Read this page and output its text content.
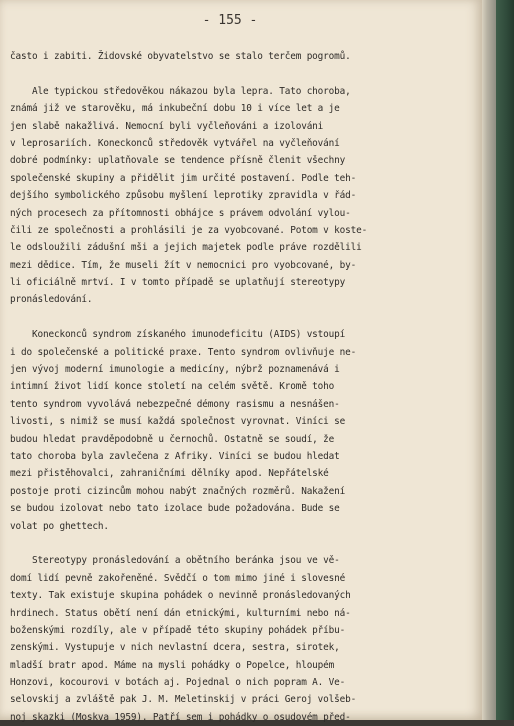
- 155 -
často i zabiti. Židovské obyvatelstvo se stalo terčem pogromů.
Ale typickou středověkou nákazou byla lepra. Tato choroba,
známá již ve starověku, má inkubeční dobu 10 i více let a je
jen slabě nakažlivá. Nemocní byli vyčleňováni a izolováni
v leprosariích. Koneckonců středověk vytvářel na vyčleňování
dobré podmínky: uplatňovale se tendence přísně členit všechny
společenské skupiny a přidělit jim určité postavení. Podle teh-
dejšího symbolického způsobu myšlení leprotiky zpravidla v řád-
ných procesech za přítomnosti obhájce s právem odvolání vylou-
čili ze společnosti a prohlásili je za vyobcované. Potom v koste-
le odsloužili zádušní mši a jejich majetek podle práve rozdělili
mezi dědice. Tím, že museli žít v nemocnici pro vyobcované, by-
li oficiálně mrtví. I v tomto případě se uplatňují stereotypy
pronásledování.
Koneckonců syndrom získaného imunodeficitu (AIDS) vstoupí
i do společenské a politické praxe. Tento syndrom ovlivňuje ne-
jen vývoj moderní imunologie a medicíny, nýbrž poznamenává i
intimní život lidí konce století na celém světě. Kromě toho
tento syndrom vyvolává nebezpečné démony rasismu a nesnášen-
livosti, s nimiž se musí každá společnost vyrovnat. Viníci se
budou hledat pravděpodobně u černochů. Ostatně se soudí, že
tato choroba byla zavlečena z Afriky. Viníci se budou hledat
mezi přistěhovalci, zahraničními dělníky apod. Nepřátelské
postoje proti cizincům mohou nabýt značných rozměrů. Nakažení
se budou izolovat nebo tato izolace bude požadována. Bude se
volat po ghettech.
Stereotypy pronásledování a obětního beránka jsou ve vě-
domí lidí pevně zakořeněné. Svědčí o tom mimo jiné i slovesné
texty. Tak existuje skupina pohádek o nevinně pronásledovaných
hrdinech. Status obětí není dán etnickými, kulturními nebo ná-
boženskými rozdíly, ale v případě této skupiny pohádek příbu-
zenskými. Vystupuje v nich nevlastní dcera, sestra, sirotek,
mladší bratr apod. Máme na mysli pohádky o Popelce, hloupém
Honzovi, kocourovi v botách aj. Pojednal o nich popram A. Ve-
selovskij a zvláště pak J. M. Meletinskij v práci Geroj volšeb-
noj skazki (Moskva 1959). Patří sem i pohádky o osudovém před-
